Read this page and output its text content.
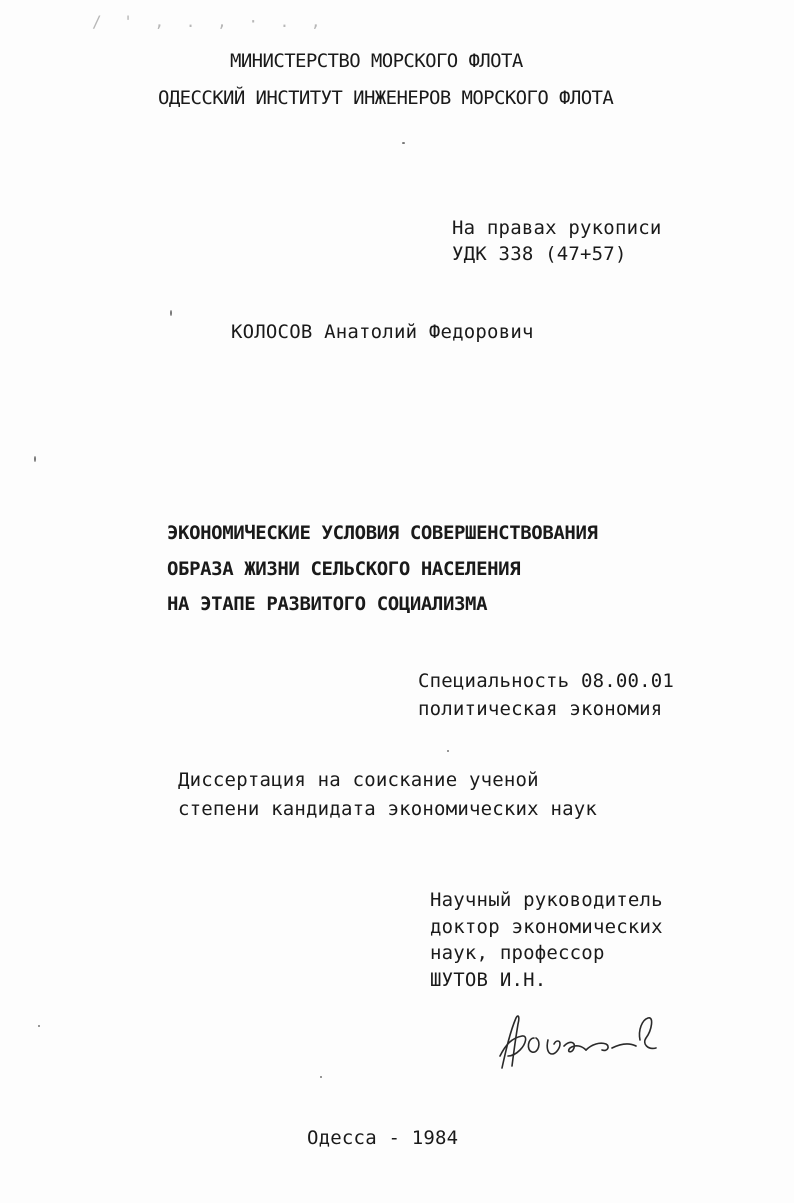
/ ' , . , · . ,
МИНИСТЕРСТВО МОРСКОГО ФЛОТА
ОДЕССКИЙ ИНСТИТУТ ИНЖЕНЕРОВ МОРСКОГО ФЛОТА
На правах рукописи
УДК 338 (47+57)
КОЛОСОВ Анатолий Федорович
ЭКОНОМИЧЕСКИЕ УСЛОВИЯ СОВЕРШЕНСТВОВАНИЯ
ОБРАЗА ЖИЗНИ СЕЛЬСКОГО НАСЕЛЕНИЯ
НА ЭТАПЕ РАЗВИТОГО СОЦИАЛИЗМА
Специальность 08.00.01
политическая экономия
Диссертация на соискание ученой
степени кандидата экономических наук
Научный руководитель
доктор экономических
наук, профессор
ШУТОВ И.Н.
Одесса - 1984
